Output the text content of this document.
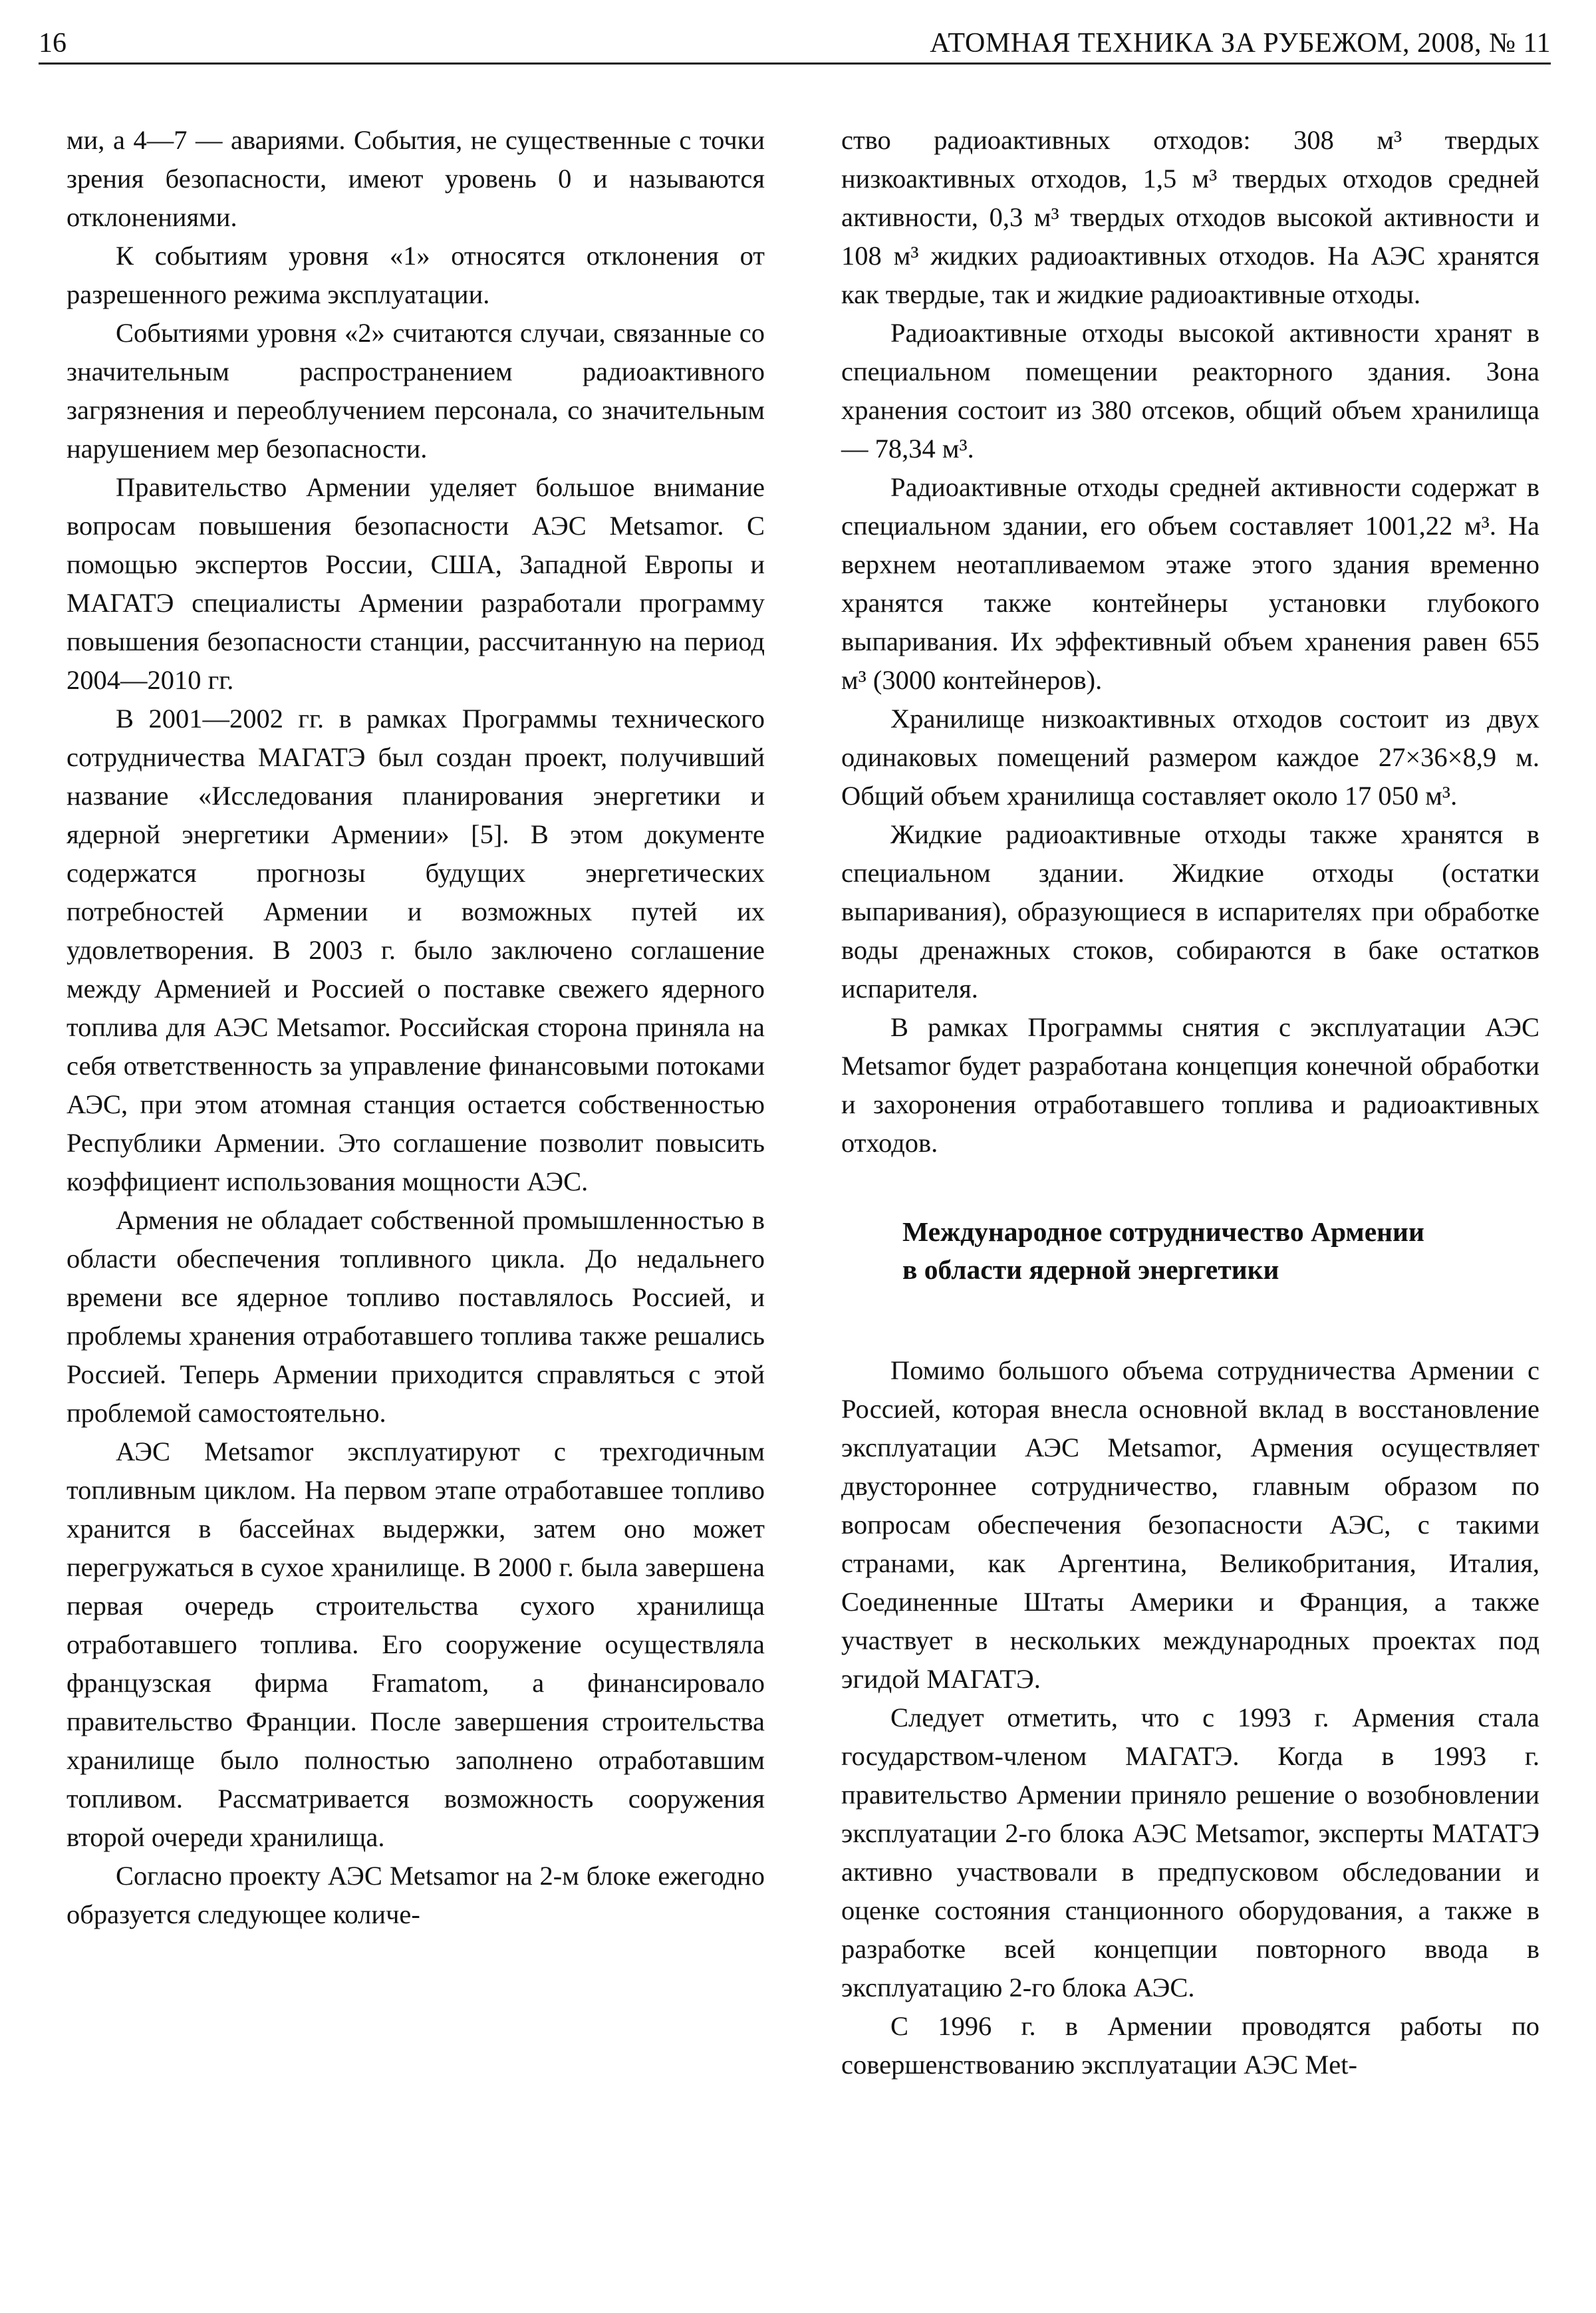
16	АТОМНАЯ ТЕХНИКА ЗА РУБЕЖОМ, 2008, № 11

ми, а 4—7 — авариями. События, не существенные с точки зрения безопасности, имеют уровень 0 и называются отклонениями.

К событиям уровня «1» относятся отклонения от разрешенного режима эксплуатации.

Событиями уровня «2» считаются случаи, связанные со значительным распространением радиоактивного загрязнения и переоблучением персонала, со значительным нарушением мер безопасности.

Правительство Армении уделяет большое внимание вопросам повышения безопасности АЭС Metsamor. С помощью экспертов России, США, Западной Европы и МАГАТЭ специалисты Армении разработали программу повышения безопасности станции, рассчитанную на период 2004—2010 гг.

В 2001—2002 гг. в рамках Программы технического сотрудничества МАГАТЭ был создан проект, получивший название «Исследования планирования энергетики и ядерной энергетики Армении» [5]. В этом документе содержатся прогнозы будущих энергетических потребностей Армении и возможных путей их удовлетворения. В 2003 г. было заключено соглашение между Арменией и Россией о поставке свежего ядерного топлива для АЭС Metsamor. Российская сторона приняла на себя ответственность за управление финансовыми потоками АЭС, при этом атомная станция остается собственностью Республики Армении. Это соглашение позволит повысить коэффициент использования мощности АЭС.

Армения не обладает собственной промышленностью в области обеспечения топливного цикла. До недальнего времени все ядерное топливо поставлялось Россией, и проблемы хранения отработавшего топлива также решались Россией. Теперь Армении приходится справляться с этой проблемой самостоятельно.

АЭС Metsamor эксплуатируют с трехгодичным топливным циклом. На первом этапе отработавшее топливо хранится в бассейнах выдержки, затем оно может перегружаться в сухое хранилище. В 2000 г. была завершена первая очередь строительства сухого хранилища отработавшего топлива. Его сооружение осуществляла французская фирма Framatom, а финансировало правительство Франции. После завершения строительства хранилище было полностью заполнено отработавшим топливом. Рассматривается возможность сооружения второй очереди хранилища.

Согласно проекту АЭС Metsamor на 2-м блоке ежегодно образуется следующее количе-

ство радиоактивных отходов: 308 м³ твердых низкоактивных отходов, 1,5 м³ твердых отходов средней активности, 0,3 м³ твердых отходов высокой активности и 108 м³ жидких радиоактивных отходов. На АЭС хранятся как твердые, так и жидкие радиоактивные отходы.

Радиоактивные отходы высокой активности хранят в специальном помещении реакторного здания. Зона хранения состоит из 380 отсеков, общий объем хранилища — 78,34 м³.

Радиоактивные отходы средней активности содержат в специальном здании, его объем составляет 1001,22 м³. На верхнем неотапливаемом этаже этого здания временно хранятся также контейнеры установки глубокого выпаривания. Их эффективный объем хранения равен 655 м³ (3000 контейнеров).

Хранилище низкоактивных отходов состоит из двух одинаковых помещений размером каждое 27×36×8,9 м. Общий объем хранилища составляет около 17 050 м³.

Жидкие радиоактивные отходы также хранятся в специальном здании. Жидкие отходы (остатки выпаривания), образующиеся в испарителях при обработке воды дренажных стоков, собираются в баке остатков испарителя.

В рамках Программы снятия с эксплуатации АЭС Metsamor будет разработана концепция конечной обработки и захоронения отработавшего топлива и радиоактивных отходов.

Международное сотрудничество Армении
в области ядерной энергетики

Помимо большого объема сотрудничества Армении с Россией, которая внесла основной вклад в восстановление эксплуатации АЭС Metsamor, Армения осуществляет двустороннее сотрудничество, главным образом по вопросам обеспечения безопасности АЭС, с такими странами, как Аргентина, Великобритания, Италия, Соединенные Штаты Америки и Франция, а также участвует в нескольких международных проектах под эгидой МАГАТЭ.

Следует отметить, что с 1993 г. Армения стала государством-членом МАГАТЭ. Когда в 1993 г. правительство Армении приняло решение о возобновлении эксплуатации 2-го блока АЭС Metsamor, эксперты МАТАТЭ активно участвовали в предпусковом обследовании и оценке состояния станционного оборудования, а также в разработке всей концепции повторного ввода в эксплуатацию 2-го блока АЭС.

С 1996 г. в Армении проводятся работы по совершенствованию эксплуатации АЭС Met-
